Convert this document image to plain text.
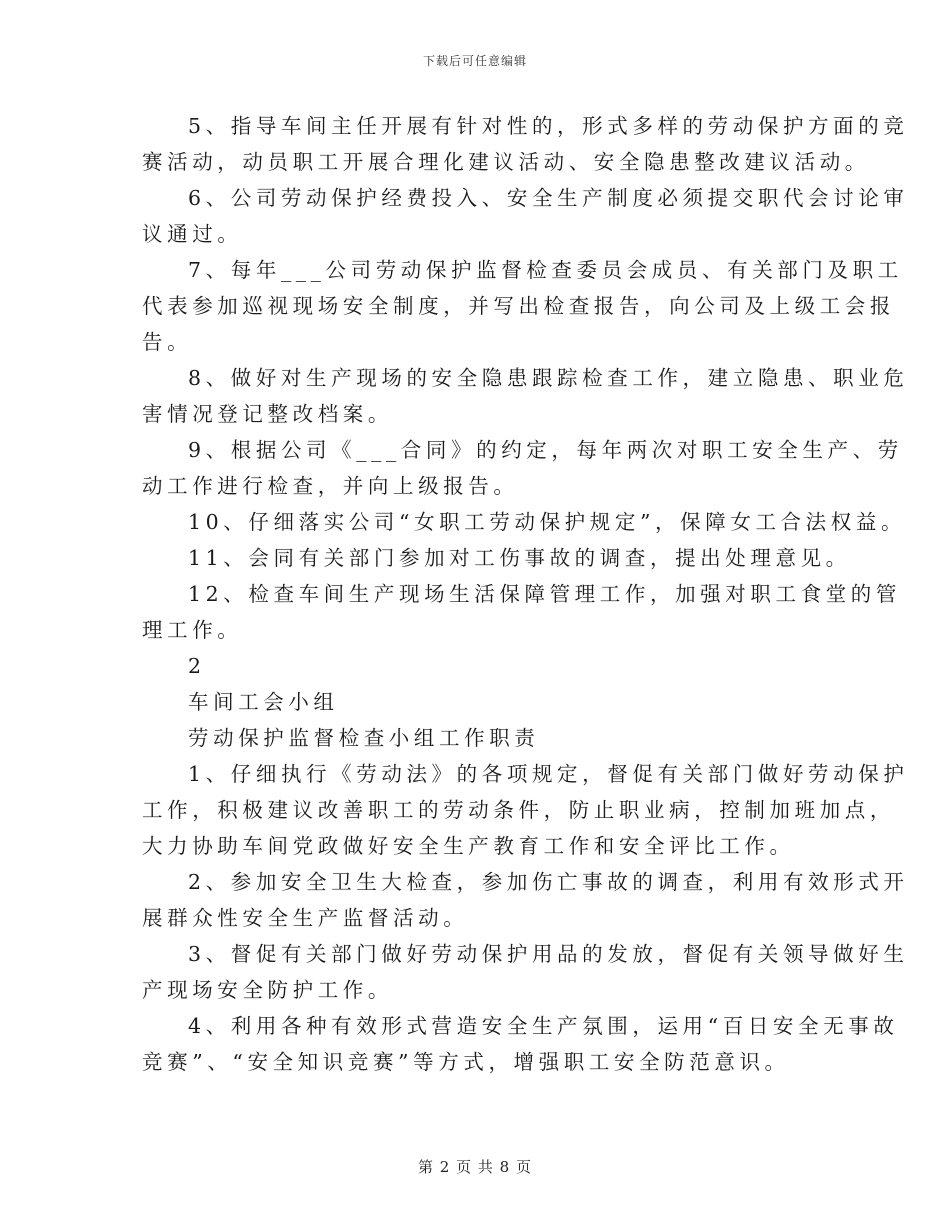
下载后可任意编辑
5、指导车间主任开展有针对性的，形式多样的劳动保护方面的竞
赛活动，动员职工开展合理化建议活动、安全隐患整改建议活动。
6、公司劳动保护经费投入、安全生产制度必须提交职代会讨论审
议通过。
7、每年___公司劳动保护监督检查委员会成员、有关部门及职工
代表参加巡视现场安全制度，并写出检查报告，向公司及上级工会报
告。
8、做好对生产现场的安全隐患跟踪检查工作，建立隐患、职业危
害情况登记整改档案。
9、根据公司《___合同》的约定，每年两次对职工安全生产、劳
动工作进行检查，并向上级报告。
10、仔细落实公司“女职工劳动保护规定”，保障女工合法权益。
11、会同有关部门参加对工伤事故的调查，提出处理意见。
12、检查车间生产现场生活保障管理工作，加强对职工食堂的管
理工作。
2
车间工会小组
劳动保护监督检查小组工作职责
1、仔细执行《劳动法》的各项规定，督促有关部门做好劳动保护
工作，积极建议改善职工的劳动条件，防止职业病，控制加班加点，
大力协助车间党政做好安全生产教育工作和安全评比工作。
2、参加安全卫生大检查，参加伤亡事故的调查，利用有效形式开
展群众性安全生产监督活动。
3、督促有关部门做好劳动保护用品的发放，督促有关领导做好生
产现场安全防护工作。
4、利用各种有效形式营造安全生产氛围，运用“百日安全无事故
竞赛”、“安全知识竞赛”等方式，增强职工安全防范意识。
第 2 页 共 8 页
